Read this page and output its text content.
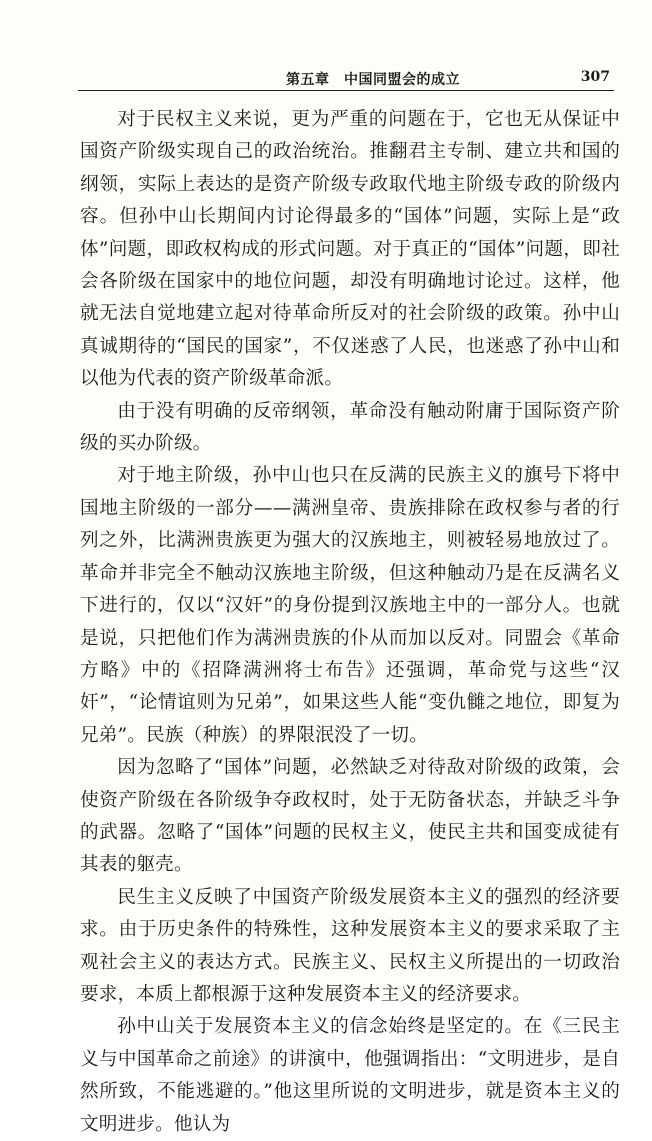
第五章　中国同盟会的成立	307

对于民权主义来说，更为严重的问题在于，它也无从保证中国资产阶级实现自己的政治统治。推翻君主专制、建立共和国的纲领，实际上表达的是资产阶级专政取代地主阶级专政的阶级内容。但孙中山长期间内讨论得最多的“国体”问题，实际上是“政体”问题，即政权构成的形式问题。对于真正的“国体”问题，即社会各阶级在国家中的地位问题，却没有明确地讨论过。这样，他就无法自觉地建立起对待革命所反对的社会阶级的政策。孙中山真诚期待的“国民的国家”，不仅迷惑了人民，也迷惑了孙中山和以他为代表的资产阶级革命派。

由于没有明确的反帝纲领，革命没有触动附庸于国际资产阶级的买办阶级。

对于地主阶级，孙中山也只在反满的民族主义的旗号下将中国地主阶级的一部分——满洲皇帝、贵族排除在政权参与者的行列之外，比满洲贵族更为强大的汉族地主，则被轻易地放过了。革命并非完全不触动汉族地主阶级，但这种触动乃是在反满名义下进行的，仅以“汉奸”的身份提到汉族地主中的一部分人。也就是说，只把他们作为满洲贵族的仆从而加以反对。同盟会《革命方略》中的《招降满洲将士布告》还强调，革命党与这些“汉奸”，“论情谊则为兄弟”，如果这些人能“变仇雠之地位，即复为兄弟”。民族（种族）的界限泯没了一切。

因为忽略了“国体”问题，必然缺乏对待敌对阶级的政策，会使资产阶级在各阶级争夺政权时，处于无防备状态，并缺乏斗争的武器。忽略了“国体”问题的民权主义，使民主共和国变成徒有其表的躯壳。

民生主义反映了中国资产阶级发展资本主义的强烈的经济要求。由于历史条件的特殊性，这种发展资本主义的要求采取了主观社会主义的表达方式。民族主义、民权主义所提出的一切政治要求，本质上都根源于这种发展资本主义的经济要求。

孙中山关于发展资本主义的信念始终是坚定的。在《三民主义与中国革命之前途》的讲演中，他强调指出：“文明进步，是自然所致，不能逃避的。”他这里所说的文明进步，就是资本主义的文明进步。他认为
